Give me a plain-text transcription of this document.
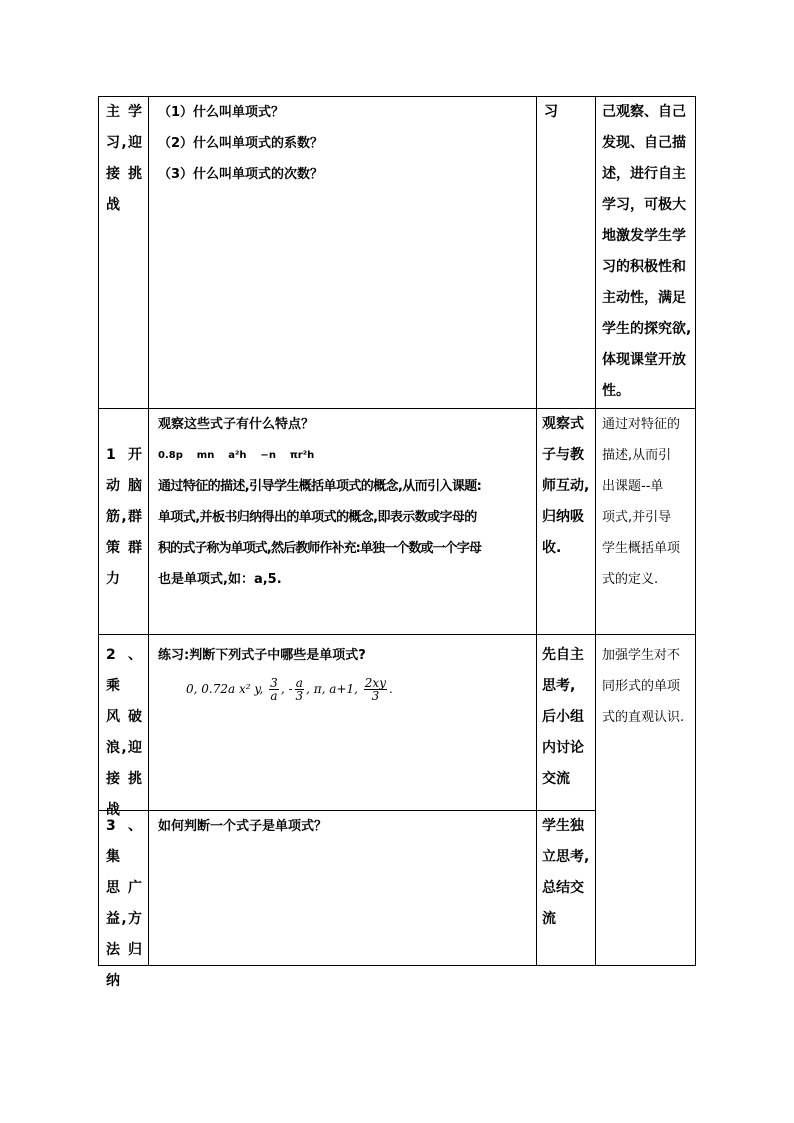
主 学
习,迎
接 挑
战
（1）什么叫单项式？
（2）什么叫单项式的系数？
（3）什么叫单项式的次数？
习	己观察、自己
发现、自己描
述，进行自主
学习，可极大
地激发学生学
习的积极性和
主动性，满足
学生的探究欲,
体现课堂开放
性。
1 开
动 脑
筋,群
策 群
力
观察这些式子有什么特点？
0.8p    mn    a²h    −n    πr²h
通过特征的描述,引导学生概括单项式的概念,从而引入课题:
单项式,并板书归纳得出的单项式的概念,即表示数或字母的
积的式子称为单项式,然后教师作补充:单独一个数或一个字母
也是单项式,如：a,5.
观察式
子与教
师互动,
归纳吸
收.
通过对特征的
描述,从而引
出课题--单
项式,并引导
学生概括单项
式的定义.
2、乘
风 破
浪,迎
接 挑
战
练习:判断下列式子中哪些是单项式?
0, 0.72a x² y, $\frac{3}{a}$ , - $\frac{a}{3}$ , π, a+1, $\frac{2xy}{3}$ .
先自主
思考,
后小组
内讨论
交流
加强学生对不
同形式的单项
式的直观认识.
3、集
思 广
益,方
法 归
纳
如何判断一个式子是单项式？	学生独
立思考,
总结交
流
